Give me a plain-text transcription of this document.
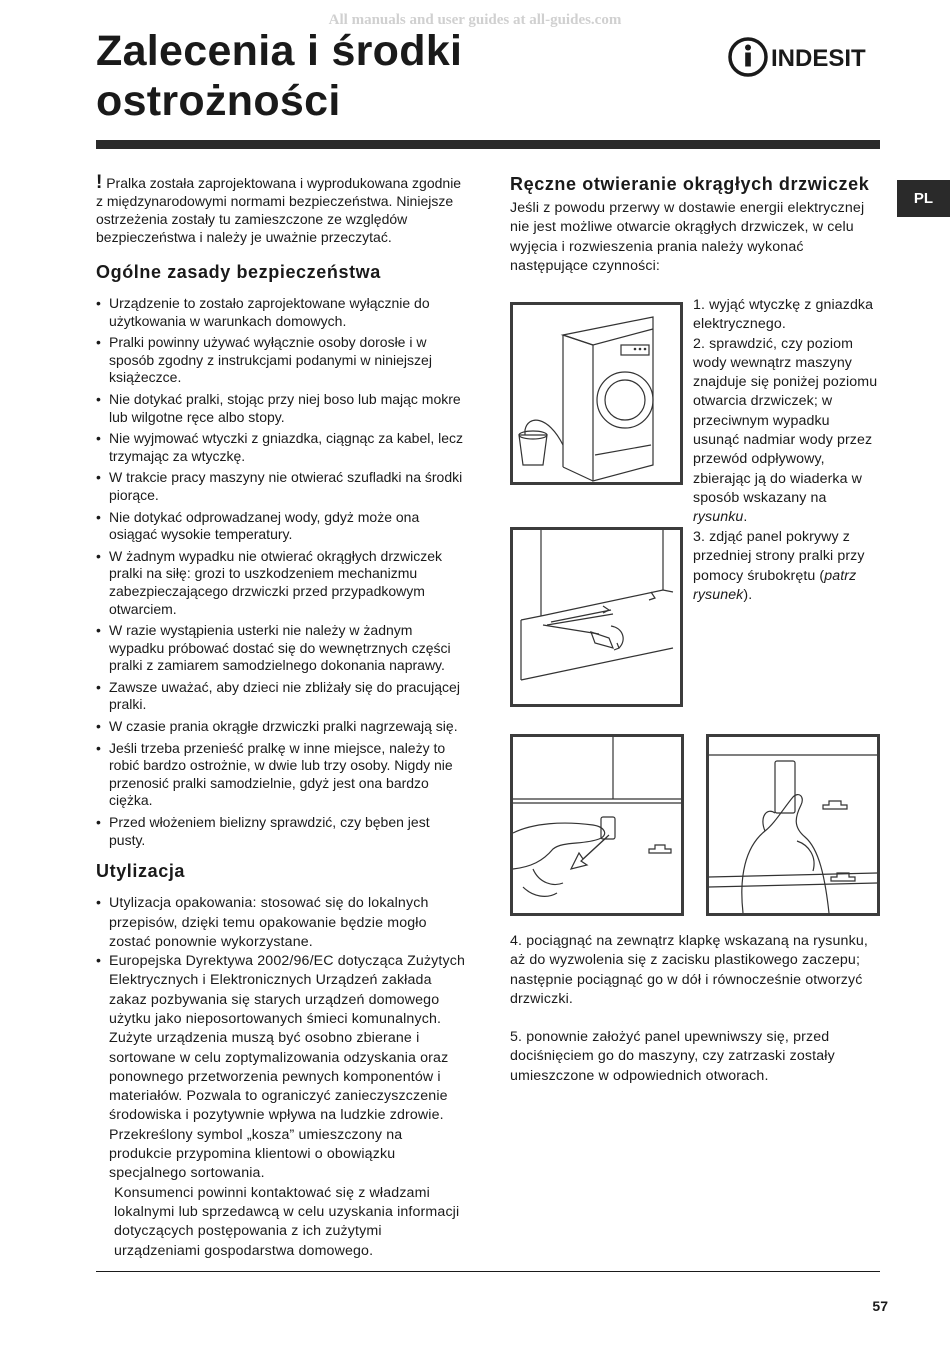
All manuals and user guides at all-guides.com
Zalecenia i środki
ostrożności
INDESIT
PL

! Pralka została zaprojektowana i wyprodukowana zgodnie z międzynarodowymi normami bezpieczeństwa. Niniejsze ostrzeżenia zostały tu zamieszczone ze względów bezpieczeństwa i należy je uważnie przeczytać.

Ogólne zasady bezpieczeństwa
• Urządzenie to zostało zaprojektowane wyłącznie do użytkowania w warunkach domowych.
• Pralki powinny używać wyłącznie osoby dorosłe i w sposób zgodny z instrukcjami podanymi w niniejszej książeczce.
• Nie dotykać pralki, stojąc przy niej boso lub mając mokre lub wilgotne ręce albo stopy.
• Nie wyjmować wtyczki z gniazdka, ciągnąc za kabel, lecz trzymając za wtyczkę.
• W trakcie pracy maszyny nie otwierać szufladki na środki piorące.
• Nie dotykać odprowadzanej wody, gdyż może ona osiągać wysokie temperatury.
• W żadnym wypadku nie otwierać okrągłych drzwiczek pralki na siłę: grozi to uszkodzeniem mechanizmu zabezpieczającego drzwiczki przed przypadkowym otwarciem.
• W razie wystąpienia usterki nie należy w żadnym wypadku próbować dostać się do wewnętrznych części pralki z zamiarem samodzielnego dokonania naprawy.
• Zawsze uważać, aby dzieci nie zbliżały się do pracującej pralki.
• W czasie prania okrągłe drzwiczki pralki nagrzewają się.
• Jeśli trzeba przenieść pralkę w inne miejsce, należy to robić bardzo ostrożnie, w dwie lub trzy osoby. Nigdy nie przenosić pralki samodzielnie, gdyż jest ona bardzo ciężka.
• Przed włożeniem bielizny sprawdzić, czy bęben jest pusty.
Utylizacja
• Utylizacja opakowania: stosować się do lokalnych przepisów, dzięki temu opakowanie będzie mogło zostać ponownie wykorzystane.
• Europejska Dyrektywa 2002/96/EC dotycząca Zużytych Elektrycznych i Elektronicznych Urządzeń zakłada zakaz pozbywania się starych urządzeń domowego użytku jako nieposortowanych śmieci komunalnych. Zużyte urządzenia muszą być osobno zbierane i sortowane w celu zoptymalizowania odzyskania oraz ponownego przetworzenia pewnych komponentów i materiałów. Pozwala to ograniczyć zanieczyszczenie środowiska i pozytywnie wpływa na ludzkie zdrowie. Przekreślony symbol „kosza” umieszczony na produkcie przypomina klientowi o obowiązku specjalnego sortowania.

Konsumenci powinni kontaktować się z władzami lokalnymi lub sprzedawcą w celu uzyskania informacji dotyczących postępowania z ich zużytymi urządzeniami gospodarstwa domowego.

Ręczne otwieranie okrągłych drzwiczek

Jeśli z powodu przerwy w dostawie energii elektrycznej nie jest możliwe otwarcie okrągłych drzwiczek, w celu wyjęcia i rozwieszenia prania należy wykonać następujące czynności:

1. wyjąć wtyczkę z gniazdka elektrycznego.

2. sprawdzić, czy poziom wody wewnątrz maszyny znajduje się poniżej poziomu otwarcia drzwiczek; w przeciwnym wypadku usunąć nadmiar wody przez przewód odpływowy, zbierając ją do wiaderka w sposób wskazany na rysunku.

3. zdjąć panel pokrywy z przedniej strony pralki przy pomocy śrubokrętu (patrz rysunek).

4. pociągnąć na zewnątrz klapkę wskazaną na rysunku, aż do wyzwolenia się z zacisku plastikowego zaczepu; następnie pociągnąć go w dół i równocześnie otworzyć drzwiczki.

5. ponownie założyć panel upewniwszy się, przed dociśnięciem go do maszyny, czy zatrzaski zostały umieszczone w odpowiednich otworach.

57
